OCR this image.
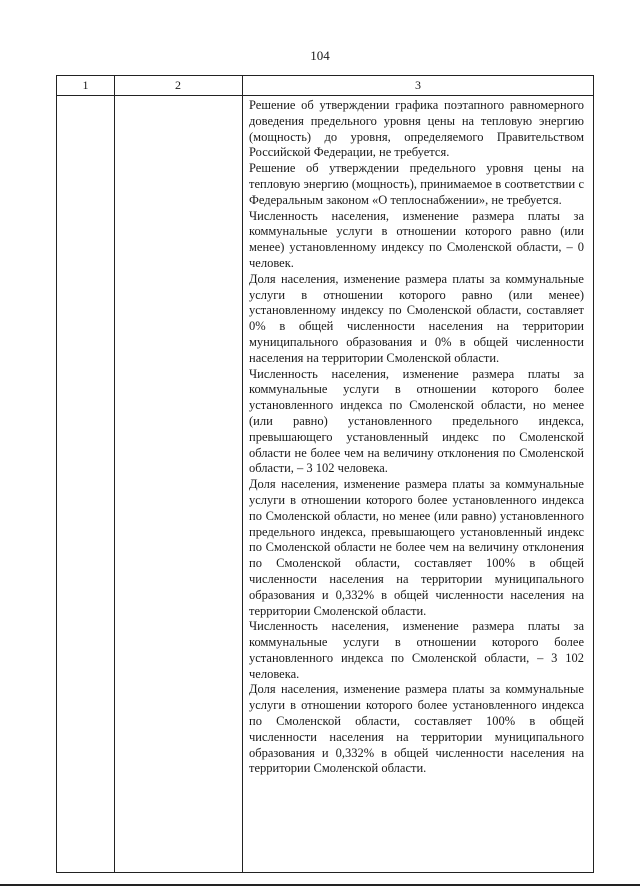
104
1	2	3

Решение об утверждении графика поэтапного равномерного доведения предельного уровня цены на тепловую энергию (мощность) до уровня, определяемого Правительством Российской Федерации, не требуется.

Решение об утверждении предельного уровня цены на тепловую энергию (мощность), принимаемое в соответствии с Федеральным законом «О теплоснабжении», не требуется.

Численность населения, изменение размера платы за коммунальные услуги в отношении которого равно (или менее) установленному индексу по Смоленской области, – 0 человек.

Доля населения, изменение размера платы за коммунальные услуги в отношении которого равно (или менее) установленному индексу по Смоленской области, составляет 0% в общей численности населения на территории муниципального образования и 0% в общей численности населения на территории Смоленской области.

Численность населения, изменение размера платы за коммунальные услуги в отношении которого более установленного индекса по Смоленской области, но менее (или равно) установленного предельного индекса, превышающего установленный индекс по Смоленской области не более чем на величину отклонения по Смоленской области, – 3 102 человека.

Доля населения, изменение размера платы за коммунальные услуги в отношении которого более установленного индекса по Смоленской области, но менее (или равно) установленного предельного индекса, превышающего установленный индекс по Смоленской области не более чем на величину отклонения по Смоленской области, составляет 100% в общей численности населения на территории муниципального образования и 0,332% в общей численности населения на территории Смоленской области.

Численность населения, изменение размера платы за коммунальные услуги в отношении которого более установленного индекса по Смоленской области, – 3 102 человека.

Доля населения, изменение размера платы за коммунальные услуги в отношении которого более установленного индекса по Смоленской области, составляет 100% в общей численности населения на территории муниципального образования и 0,332% в общей численности населения на территории Смоленской области.
